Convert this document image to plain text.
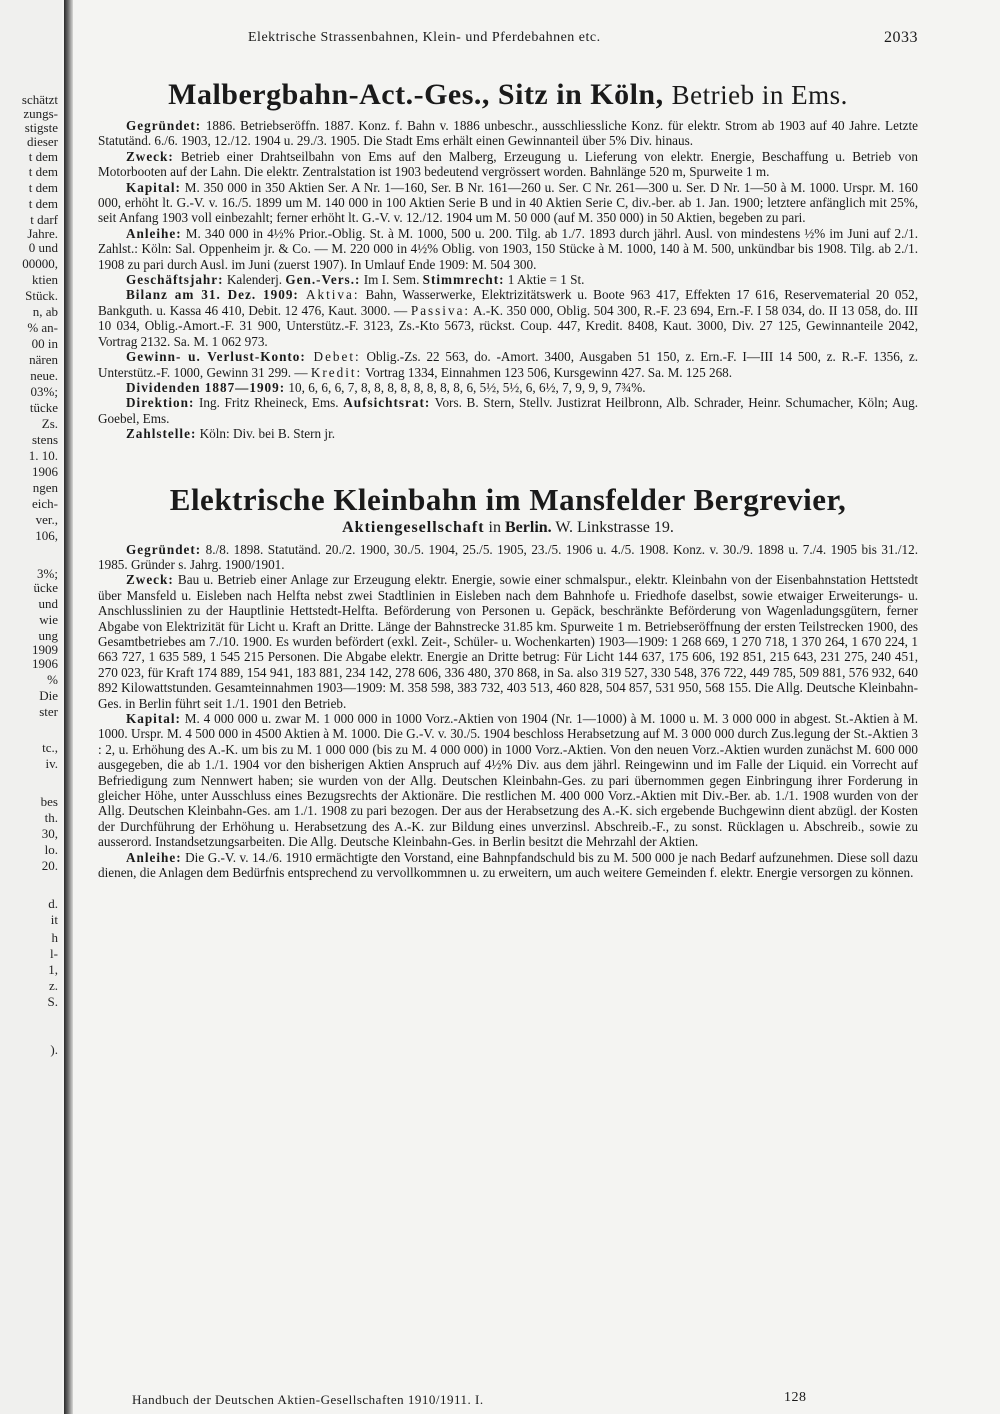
schätzt
zungs-
stigste
dieser
t dem
t dem
t dem
t dem
t darf
Jahre.
0 und
00000,
ktien
Stück.
n, ab
% an-
00 in
nären
neue.
03%;
tücke
Zs.
stens
1. 10.
1906
ngen
eich-
ver.,
106,
3%;
ücke
und
wie
ung
1909
1906
%
Die
ster
tc.,
iv.
bes
th.
30,
lo.
20.
d.
it
h
l-
1,
z.
S.
).
Elektrische Strassenbahnen, Klein- und Pferdebahnen etc.	2033
Malbergbahn-Act.-Ges., Sitz in Köln, Betrieb in Ems.

Gegründet: 1886. Betriebseröffn. 1887. Konz. f. Bahn v. 1886 unbeschr., ausschliessliche Konz. für elektr. Strom ab 1903 auf 40 Jahre. Letzte Statutänd. 6./6. 1903, 12./12. 1904 u. 29./3. 1905. Die Stadt Ems erhält einen Gewinnanteil über 5% Div. hinaus.

Zweck: Betrieb einer Drahtseilbahn von Ems auf den Malberg, Erzeugung u. Lieferung von elektr. Energie, Beschaffung u. Betrieb von Motorbooten auf der Lahn. Die elektr. Zentralstation ist 1903 bedeutend vergrössert worden. Bahnlänge 520 m, Spurweite 1 m.

Kapital: M. 350 000 in 350 Aktien Ser. A Nr. 1—160, Ser. B Nr. 161—260 u. Ser. C Nr. 261—300 u. Ser. D Nr. 1—50 à M. 1000. Urspr. M. 160 000, erhöht lt. G.-V. v. 16./5. 1899 um M. 140 000 in 100 Aktien Serie B und in 40 Aktien Serie C, div.-ber. ab 1. Jan. 1900; letztere anfänglich mit 25%, seit Anfang 1903 voll einbezahlt; ferner erhöht lt. G.-V. v. 12./12. 1904 um M. 50 000 (auf M. 350 000) in 50 Aktien, begeben zu pari.

Anleihe: M. 340 000 in 4½% Prior.-Oblig. St. à M. 1000, 500 u. 200. Tilg. ab 1./7. 1893 durch jährl. Ausl. von mindestens ½% im Juni auf 2./1. Zahlst.: Köln: Sal. Oppenheim jr. & Co. — M. 220 000 in 4½% Oblig. von 1903, 150 Stücke à M. 1000, 140 à M. 500, unkündbar bis 1908. Tilg. ab 2./1. 1908 zu pari durch Ausl. im Juni (zuerst 1907). In Umlauf Ende 1909: M. 504 300.

Geschäftsjahr: Kalenderj. Gen.-Vers.: Im I. Sem. Stimmrecht: 1 Aktie = 1 St.

Bilanz am 31. Dez. 1909: Aktiva: Bahn, Wasserwerke, Elektrizitätswerk u. Boote 963 417, Effekten 17 616, Reservematerial 20 052, Bankguth. u. Kassa 46 410, Debit. 12 476, Kaut. 3000. — Passiva: A.-K. 350 000, Oblig. 504 300, R.-F. 23 694, Ern.-F. I 58 034, do. II 13 058, do. III 10 034, Oblig.-Amort.-F. 31 900, Unterstütz.-F. 3123, Zs.-Kto 5673, rückst. Coup. 447, Kredit. 8408, Kaut. 3000, Div. 27 125, Gewinnanteile 2042, Vortrag 2132. Sa. M. 1 062 973.

Gewinn- u. Verlust-Konto: Debet: Oblig.-Zs. 22 563, do. -Amort. 3400, Ausgaben 51 150, z. Ern.-F. I—III 14 500, z. R.-F. 1356, z. Unterstütz.-F. 1000, Gewinn 31 299. — Kredit: Vortrag 1334, Einnahmen 123 506, Kursgewinn 427. Sa. M. 125 268.

Dividenden 1887—1909: 10, 6, 6, 6, 7, 8, 8, 8, 8, 8, 8, 8, 8, 6, 5½, 5½, 6, 6½, 7, 9, 9, 9, 7¾%.

Direktion: Ing. Fritz Rheineck, Ems. Aufsichtsrat: Vors. B. Stern, Stellv. Justizrat Heilbronn, Alb. Schrader, Heinr. Schumacher, Köln; Aug. Goebel, Ems.

Zahlstelle: Köln: Div. bei B. Stern jr.

Elektrische Kleinbahn im Mansfelder Bergrevier,
Aktiengesellschaft in Berlin. W. Linkstrasse 19.

Gegründet: 8./8. 1898. Statutänd. 20./2. 1900, 30./5. 1904, 25./5. 1905, 23./5. 1906 u. 4./5. 1908. Konz. v. 30./9. 1898 u. 7./4. 1905 bis 31./12. 1985. Gründer s. Jahrg. 1900/1901.

Zweck: Bau u. Betrieb einer Anlage zur Erzeugung elektr. Energie, sowie einer schmalspur., elektr. Kleinbahn von der Eisenbahnstation Hettstedt über Mansfeld u. Eisleben nach Helfta nebst zwei Stadtlinien in Eisleben nach dem Bahnhofe u. Friedhofe daselbst, sowie etwaiger Erweiterungs- u. Anschlusslinien zu der Hauptlinie Hettstedt-Helfta. Beförderung von Personen u. Gepäck, beschränkte Beförderung von Wagenladungsgütern, ferner Abgabe von Elektrizität für Licht u. Kraft an Dritte. Länge der Bahnstrecke 31.85 km. Spurweite 1 m. Betriebseröffnung der ersten Teilstrecken 1900, des Gesamtbetriebes am 7./10. 1900. Es wurden befördert (exkl. Zeit-, Schüler- u. Wochenkarten) 1903—1909: 1 268 669, 1 270 718, 1 370 264, 1 670 224, 1 663 727, 1 635 589, 1 545 215 Personen. Die Abgabe elektr. Energie an Dritte betrug: Für Licht 144 637, 175 606, 192 851, 215 643, 231 275, 240 451, 270 023, für Kraft 174 889, 154 941, 183 881, 234 142, 278 606, 336 480, 370 868, in Sa. also 319 527, 330 548, 376 722, 449 785, 509 881, 576 932, 640 892 Kilowattstunden. Gesamteinnahmen 1903—1909: M. 358 598, 383 732, 403 513, 460 828, 504 857, 531 950, 568 155. Die Allg. Deutsche Kleinbahn-Ges. in Berlin führt seit 1./1. 1901 den Betrieb.

Kapital: M. 4 000 000 u. zwar M. 1 000 000 in 1000 Vorz.-Aktien von 1904 (Nr. 1—1000) à M. 1000 u. M. 3 000 000 in abgest. St.-Aktien à M. 1000. Urspr. M. 4 500 000 in 4500 Aktien à M. 1000. Die G.-V. v. 30./5. 1904 beschloss Herabsetzung auf M. 3 000 000 durch Zus.legung der St.-Aktien 3 : 2, u. Erhöhung des A.-K. um bis zu M. 1 000 000 (bis zu M. 4 000 000) in 1000 Vorz.-Aktien. Von den neuen Vorz.-Aktien wurden zunächst M. 600 000 ausgegeben, die ab 1./1. 1904 vor den bisherigen Aktien Anspruch auf 4½% Div. aus dem jährl. Reingewinn und im Falle der Liquid. ein Vorrecht auf Befriedigung zum Nennwert haben; sie wurden von der Allg. Deutschen Kleinbahn-Ges. zu pari übernommen gegen Einbringung ihrer Forderung in gleicher Höhe, unter Ausschluss eines Bezugsrechts der Aktionäre. Die restlichen M. 400 000 Vorz.-Aktien mit Div.-Ber. ab. 1./1. 1908 wurden von der Allg. Deutschen Kleinbahn-Ges. am 1./1. 1908 zu pari bezogen. Der aus der Herabsetzung des A.-K. sich ergebende Buchgewinn dient abzügl. der Kosten der Durchführung der Erhöhung u. Herabsetzung des A.-K. zur Bildung eines unverzinsl. Abschreib.-F., zu sonst. Rücklagen u. Abschreib., sowie zu ausserord. Instandsetzungsarbeiten. Die Allg. Deutsche Kleinbahn-Ges. in Berlin besitzt die Mehrzahl der Aktien.

Anleihe: Die G.-V. v. 14./6. 1910 ermächtigte den Vorstand, eine Bahnpfandschuld bis zu M. 500 000 je nach Bedarf aufzunehmen. Diese soll dazu dienen, die Anlagen dem Bedürfnis entsprechend zu vervollkommnen u. zu erweitern, um auch weitere Gemeinden f. elektr. Energie versorgen zu können.

Handbuch der Deutschen Aktien-Gesellschaften 1910/1911. I.	128
